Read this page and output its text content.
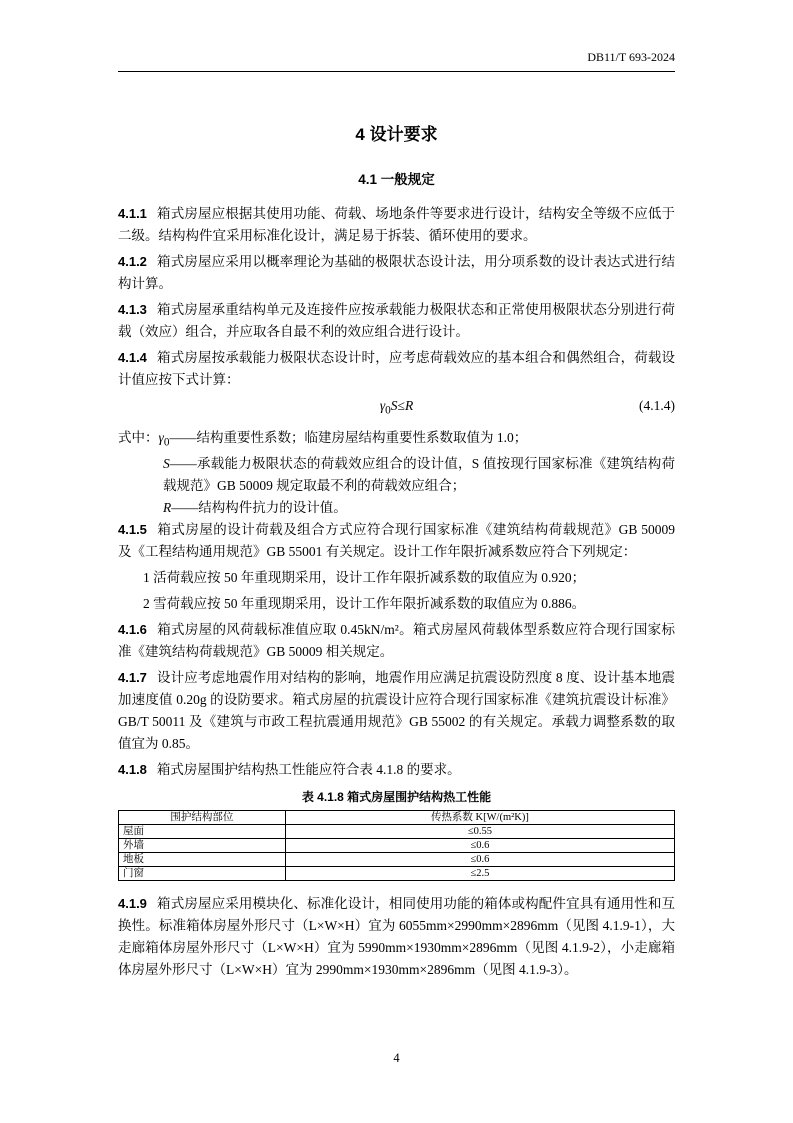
DB11/T 693-2024
4 设计要求
4.1 一般规定

4.1.1 箱式房屋应根据其使用功能、荷载、场地条件等要求进行设计，结构安全等级不应低于二级。结构构件宜采用标准化设计，满足易于拆装、循环使用的要求。

4.1.2 箱式房屋应采用以概率理论为基础的极限状态设计法，用分项系数的设计表达式进行结构计算。

4.1.3 箱式房屋承重结构单元及连接件应按承载能力极限状态和正常使用极限状态分别进行荷载（效应）组合，并应取各自最不利的效应组合进行设计。

4.1.4 箱式房屋按承载能力极限状态设计时，应考虑荷载效应的基本组合和偶然组合，荷载设计值应按下式计算：

$\gamma_0S\le R$	(4.1.4)

式中：$\gamma_0——$结构重要性系数；临建房屋结构重要性系数取值为 1.0；

S——承载能力极限状态的荷载效应组合的设计值，S 值按现行国家标准《建筑结构荷载规范》GB 50009 规定取最不利的荷载效应组合；

R——结构构件抗力的设计值。

4.1.5 箱式房屋的设计荷载及组合方式应符合现行国家标准《建筑结构荷载规范》GB 50009 及《工程结构通用规范》GB 55001 有关规定。设计工作年限折减系数应符合下列规定：

1 活荷载应按 50 年重现期采用，设计工作年限折减系数的取值应为 0.920；

2 雪荷载应按 50 年重现期采用，设计工作年限折减系数的取值应为 0.886。

4.1.6 箱式房屋的风荷载标准值应取 0.45kN/m²。箱式房屋风荷载体型系数应符合现行国家标准《建筑结构荷载规范》GB 50009 相关规定。

4.1.7 设计应考虑地震作用对结构的影响，地震作用应满足抗震设防烈度 8 度、设计基本地震加速度值 0.20g 的设防要求。箱式房屋的抗震设计应符合现行国家标准《建筑抗震设计标准》GB/T 50011 及《建筑与市政工程抗震通用规范》GB 55002 的有关规定。承载力调整系数的取值宜为 0.85。

4.1.8 箱式房屋围护结构热工性能应符合表 4.1.8 的要求。

表 4.1.8 箱式房屋围护结构热工性能
围护结构部位	传热系数 K[W/(m²K)]
屋面	≤0.55
外墙	≤0.6
地板	≤0.6
门窗	≤2.5

4.1.9 箱式房屋应采用模块化、标准化设计，相同使用功能的箱体或构配件宜具有通用性和互换性。标准箱体房屋外形尺寸（L×W×H）宜为 6055mm×2990mm×2896mm（见图 4.1.9-1），大走廊箱体房屋外形尺寸（L×W×H）宜为 5990mm×1930mm×2896mm（见图 4.1.9-2），小走廊箱体房屋外形尺寸（L×W×H）宜为 2990mm×1930mm×2896mm（见图 4.1.9-3）。

4
